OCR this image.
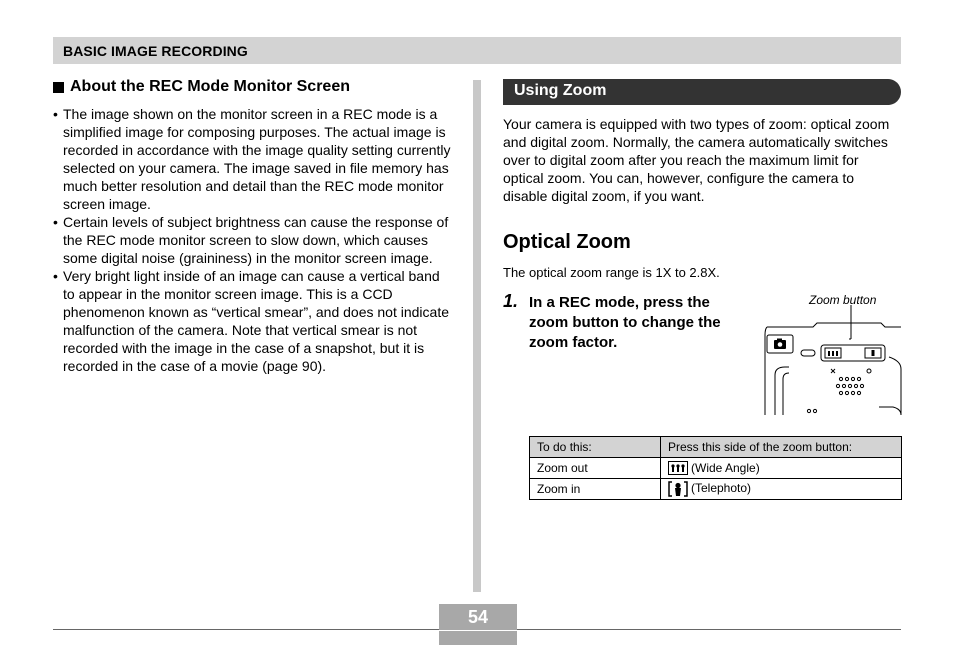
BASIC IMAGE RECORDING
About the REC Mode Monitor Screen
• The image shown on the monitor screen in a REC mode is a simplified image for composing purposes. The actual image is recorded in accordance with the image quality setting currently selected on your camera. The image saved in file memory has much better resolution and detail than the REC mode monitor screen image.
• Certain levels of subject brightness can cause the response of the REC mode monitor screen to slow down, which causes some digital noise (graininess) in the monitor screen image.
• Very bright light inside of an image can cause a vertical band to appear in the monitor screen image. This is a CCD phenomenon known as “vertical smear”, and does not indicate malfunction of the camera. Note that vertical smear is not recorded with the image in the case of a snapshot, but it is recorded in the case of a movie (page 90).
Using Zoom

Your camera is equipped with two types of zoom: optical zoom and digital zoom. Normally, the camera automatically switches over to digital zoom after you reach the maximum limit for optical zoom. You can, however, configure the camera to disable digital zoom, if you want.

Optical Zoom

The optical zoom range is 1X to 2.8X.

1. In a REC mode, press the zoom button to change the zoom factor.
Zoom button
To do this:	Press this side of the zoom button:
Zoom out	(Wide Angle)
Zoom in	(Telephoto)
54
